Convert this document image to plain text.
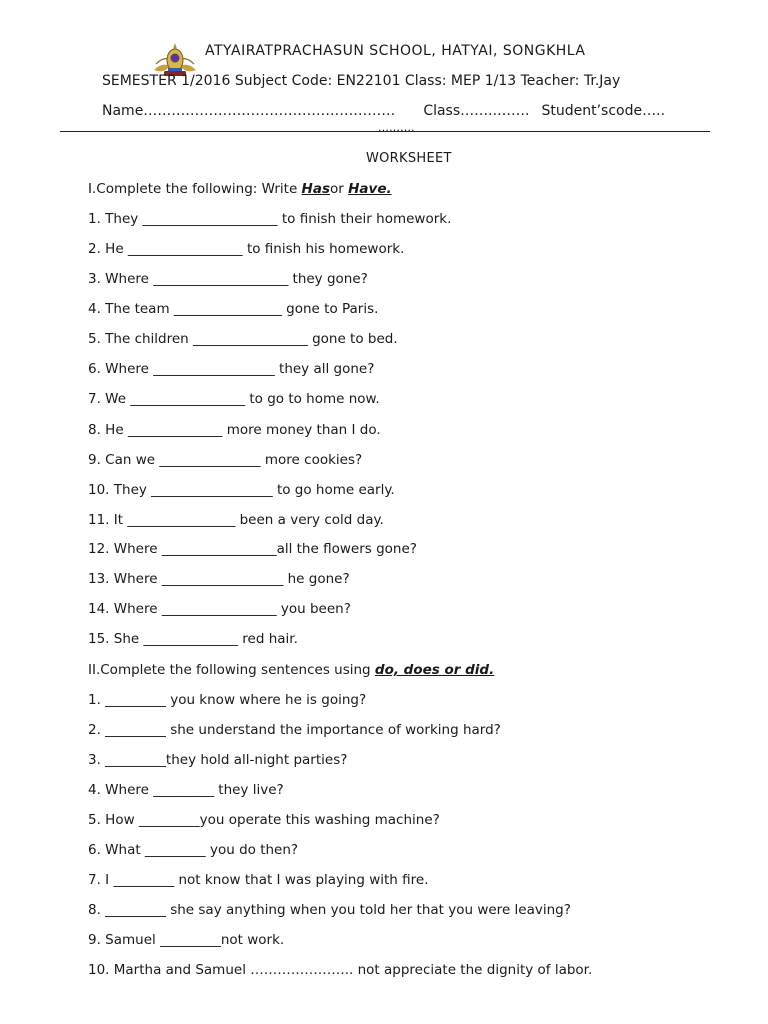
ATYAIRATPRACHASUN SCHOOL, HATYAI, SONGKHLA
SEMESTER 1/2016 Subject Code: EN22101 Class: MEP 1/13 Teacher: Tr.Jay
Name……………………………………………… Class……..……. Student’scode…..
……….
WORKSHEET
I.Complete the following: Write Hasor Have.
1. They ____________________ to finish their homework.
2. He _________________ to finish his homework.
3. Where ____________________ they gone?
4. The team ________________ gone to Paris.
5. The children _________________ gone to bed.
6. Where __________________ they all gone?
7. We _________________ to go to home now.
8. He ______________ more money than I do.
9. Can we _______________ more cookies?
10. They __________________ to go home early.
11. It ________________ been a very cold day.
12. Where _________________all the flowers gone?
13. Where __________________ he gone?
14. Where _________________ you been?
15. She ______________ red hair.
II.Complete the following sentences using do, does or did.
1. _________ you know where he is going?
2. _________ she understand the importance of working hard?
3. _________they hold all-night parties?
4. Where _________ they live?
5. How _________you operate this washing machine?
6. What _________ you do then?
7. I _________ not know that I was playing with fire.
8. _________ she say anything when you told her that you were leaving?
9. Samuel _________not work.
10. Martha and Samuel ………………….. not appreciate the dignity of labor.
